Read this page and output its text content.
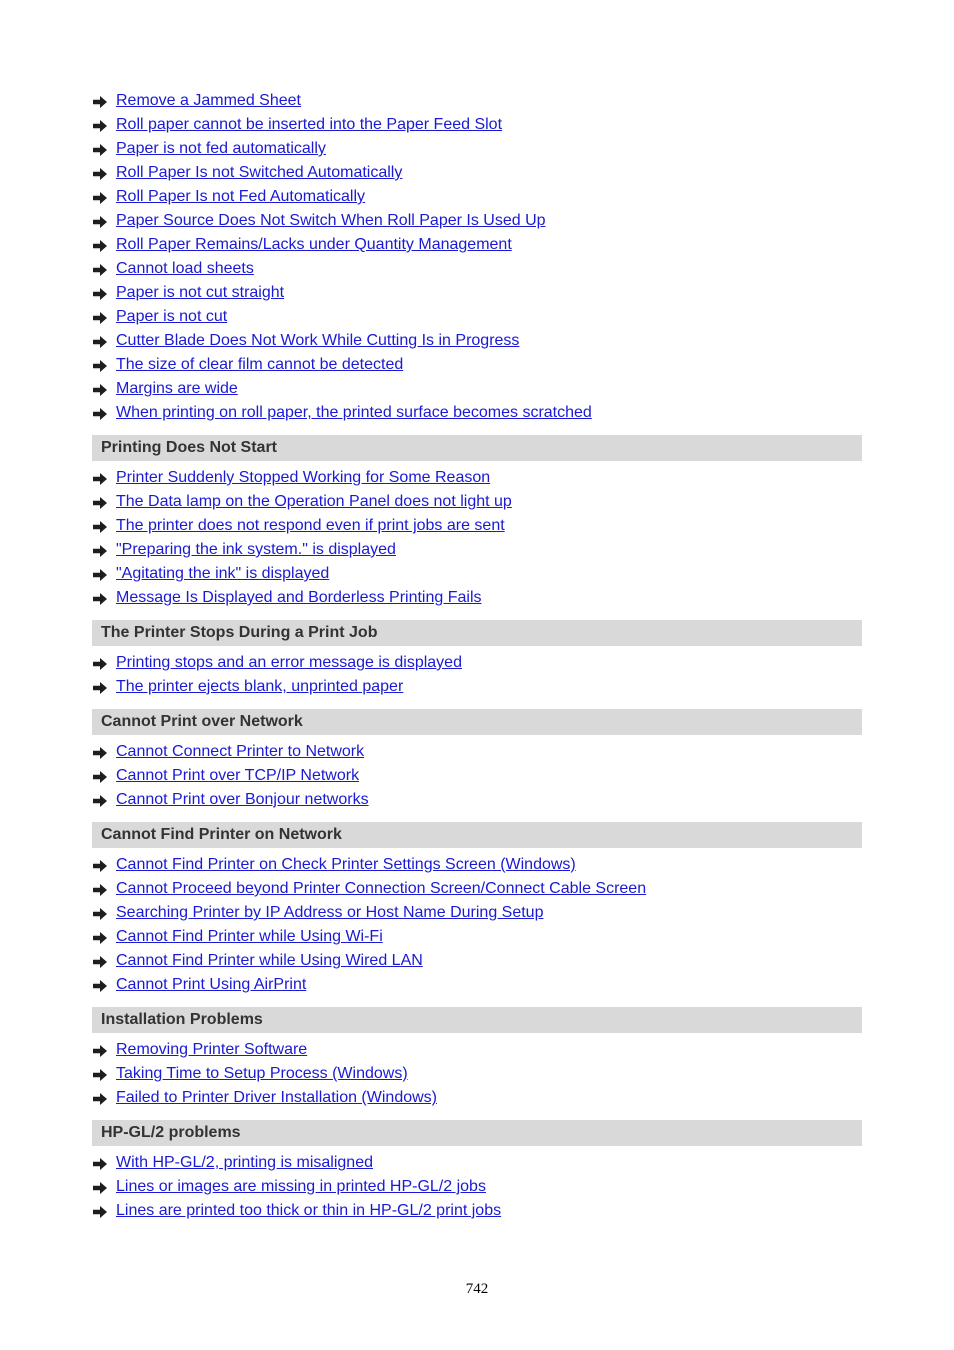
Remove a Jammed Sheet
Roll paper cannot be inserted into the Paper Feed Slot
Paper is not fed automatically
Roll Paper Is not Switched Automatically
Roll Paper Is not Fed Automatically
Paper Source Does Not Switch When Roll Paper Is Used Up
Roll Paper Remains/Lacks under Quantity Management
Cannot load sheets
Paper is not cut straight
Paper is not cut
Cutter Blade Does Not Work While Cutting Is in Progress
The size of clear film cannot be detected
Margins are wide
When printing on roll paper, the printed surface becomes scratched
Printing Does Not Start
Printer Suddenly Stopped Working for Some Reason
The Data lamp on the Operation Panel does not light up
The printer does not respond even if print jobs are sent
"Preparing the ink system." is displayed
"Agitating the ink" is displayed
Message Is Displayed and Borderless Printing Fails
The Printer Stops During a Print Job
Printing stops and an error message is displayed
The printer ejects blank, unprinted paper
Cannot Print over Network
Cannot Connect Printer to Network
Cannot Print over TCP/IP Network
Cannot Print over Bonjour networks
Cannot Find Printer on Network
Cannot Find Printer on Check Printer Settings Screen (Windows)
Cannot Proceed beyond Printer Connection Screen/Connect Cable Screen
Searching Printer by IP Address or Host Name During Setup
Cannot Find Printer while Using Wi-Fi
Cannot Find Printer while Using Wired LAN
Cannot Print Using AirPrint
Installation Problems
Removing Printer Software
Taking Time to Setup Process (Windows)
Failed to Printer Driver Installation (Windows)
HP-GL/2 problems
With HP-GL/2, printing is misaligned
Lines or images are missing in printed HP-GL/2 jobs
Lines are printed too thick or thin in HP-GL/2 print jobs
742
